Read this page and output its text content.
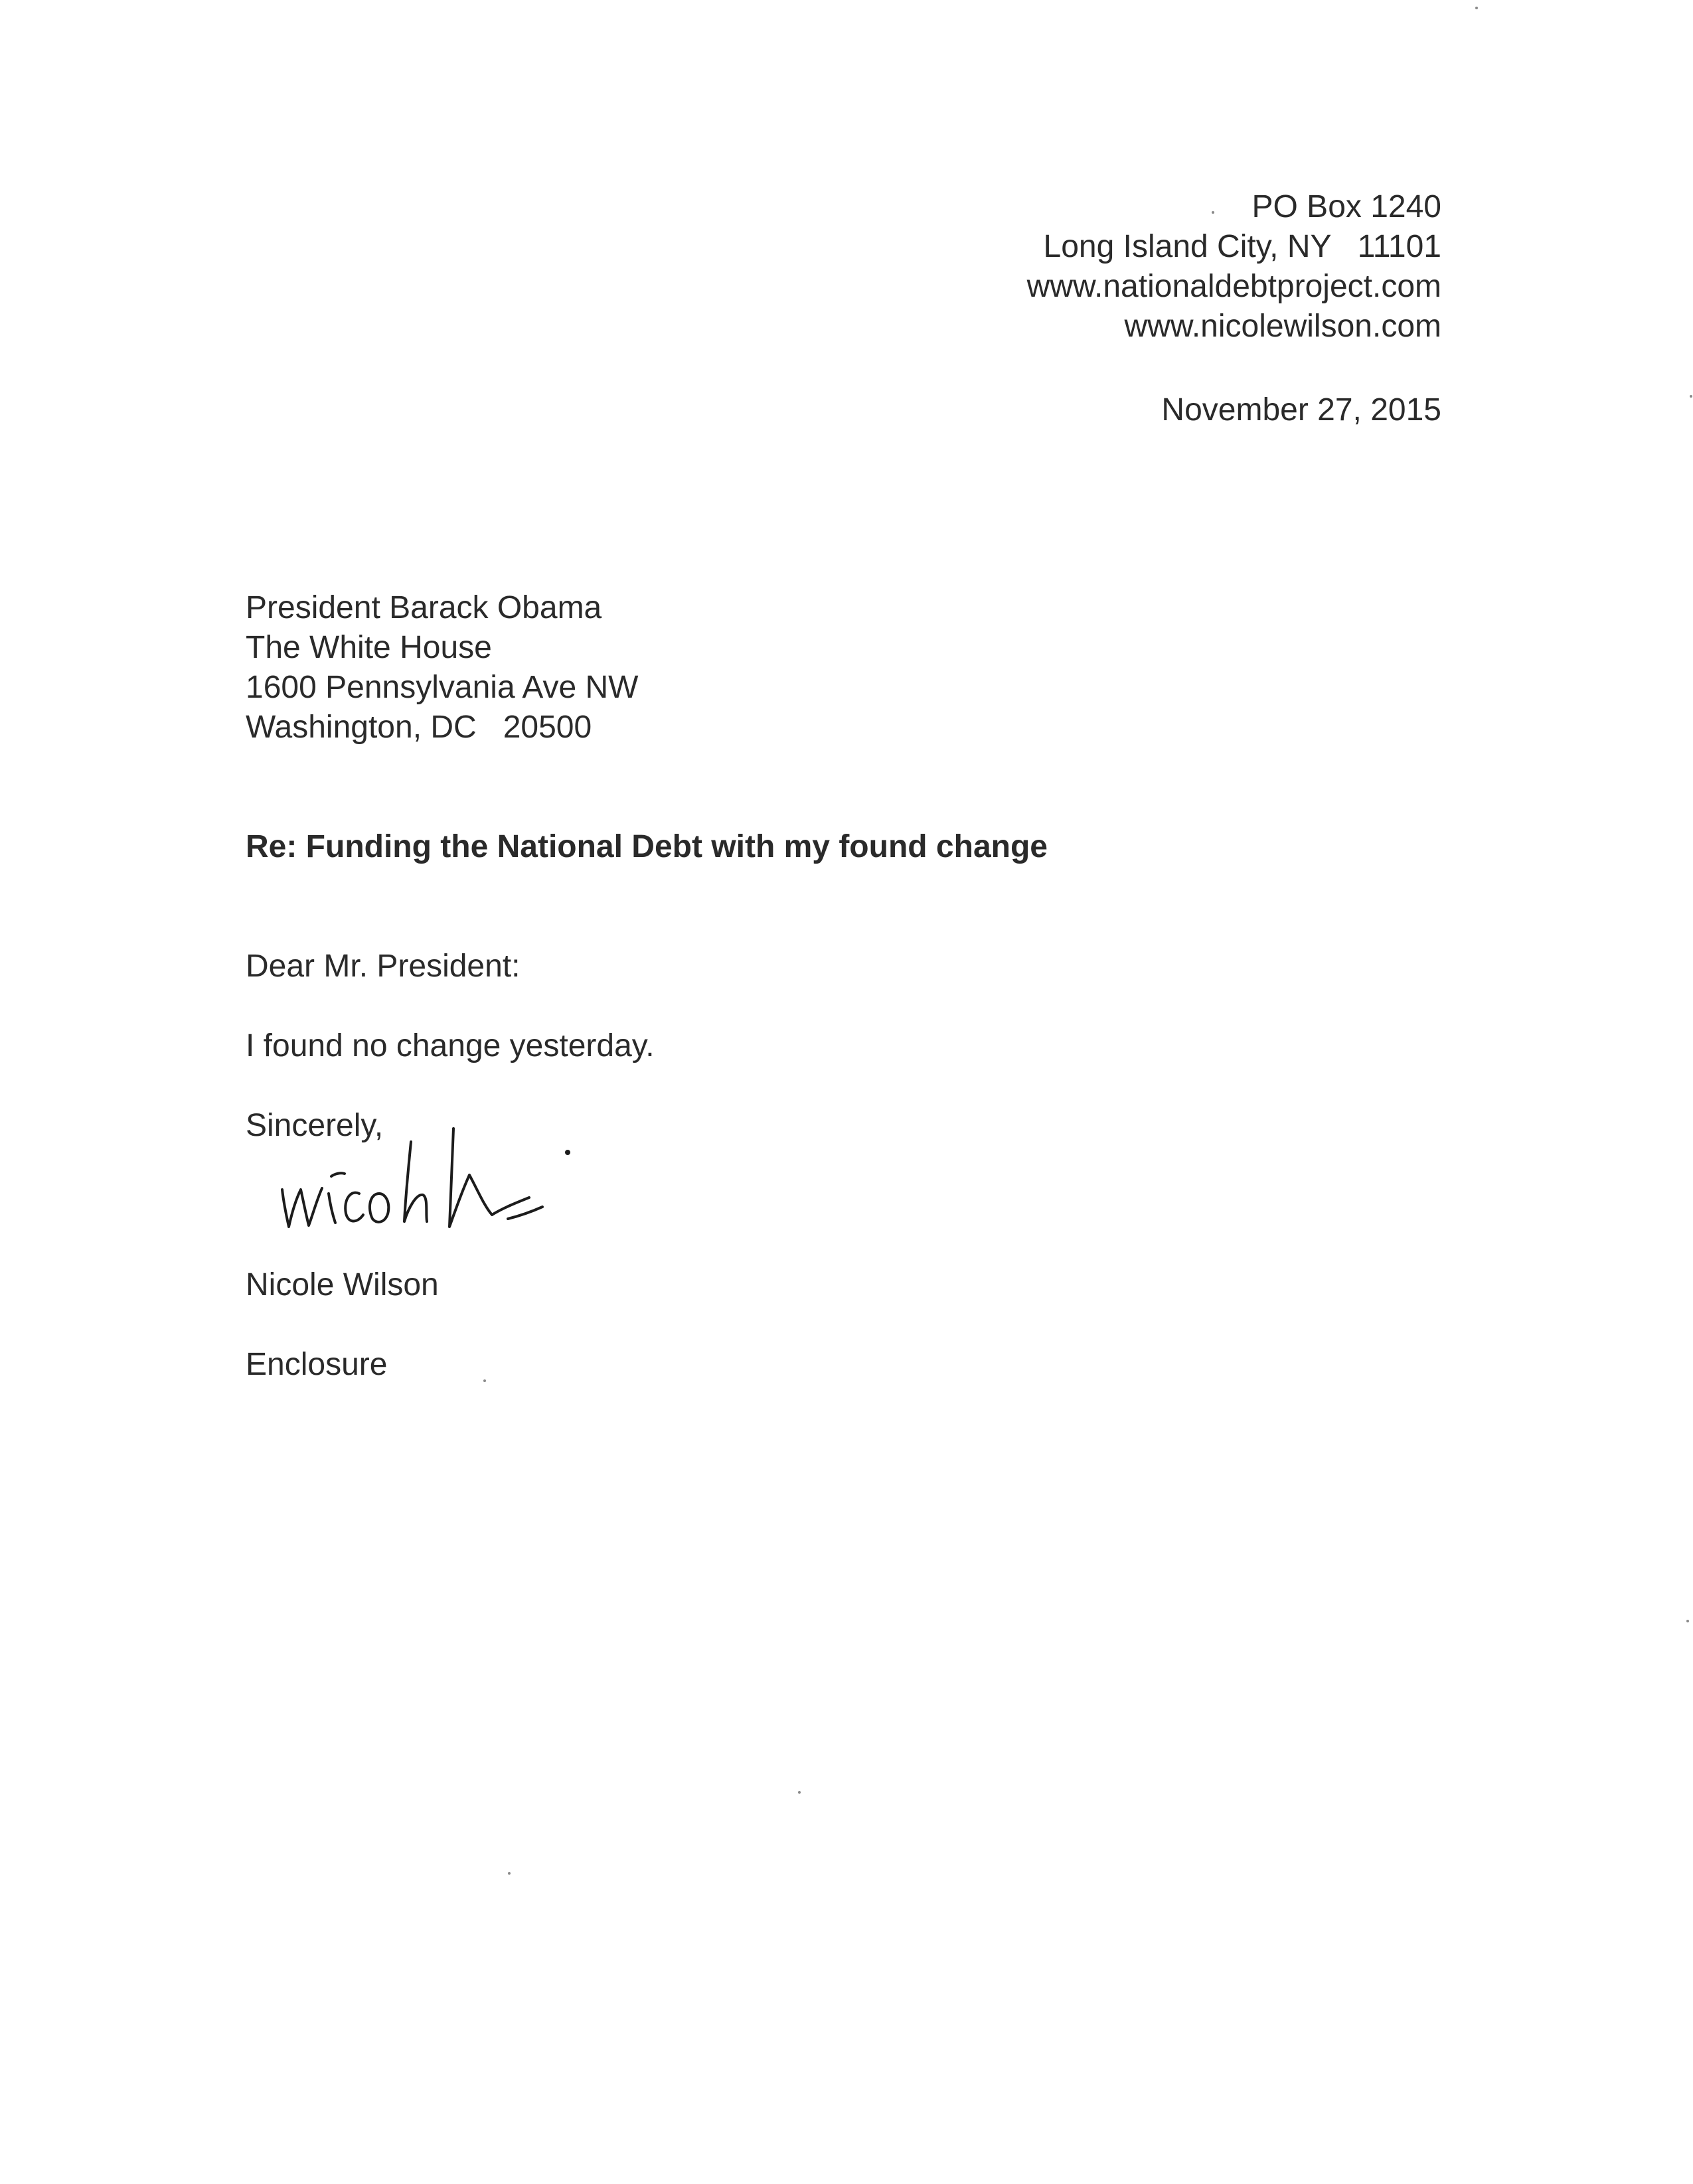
PO Box 1240
Long Island City, NY   11101
www.nationaldebtproject.com
www.nicolewilson.com
November 27, 2015
President Barack Obama
The White House
1600 Pennsylvania Ave NW
Washington, DC   20500
Re: Funding the National Debt with my found change
Dear Mr. President:
I found no change yesterday.
Sincerely,
Nicole Wilson
Enclosure
